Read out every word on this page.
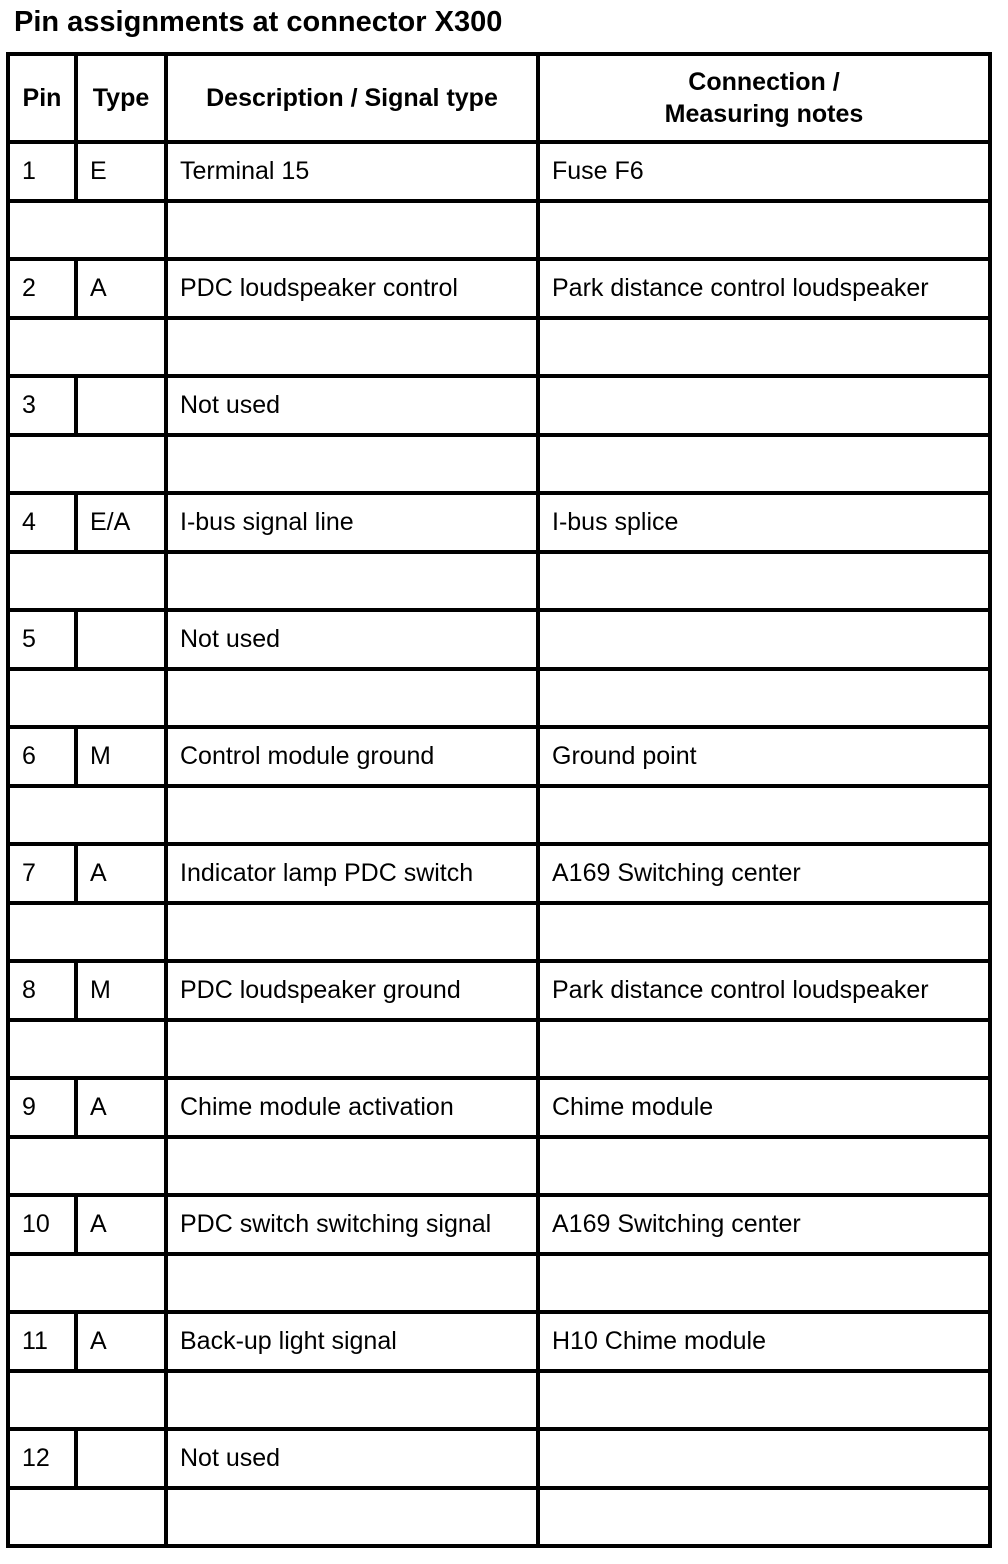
Pin assignments at connector X300
Pin	Type	Description / Signal type	Connection /
Measuring notes
1	E	Terminal 15	Fuse F6

2	A	PDC loudspeaker control	Park distance control loudspeaker

3		Not used	

4	E/A	I-bus signal line	I-bus splice

5		Not used	

6	M	Control module ground	Ground point

7	A	Indicator lamp PDC switch	A169 Switching center

8	M	PDC loudspeaker ground	Park distance control loudspeaker

9	A	Chime module activation	Chime module

10	A	PDC switch switching signal	A169 Switching center

11	A	Back-up light signal	H10 Chime module

12		Not used	
